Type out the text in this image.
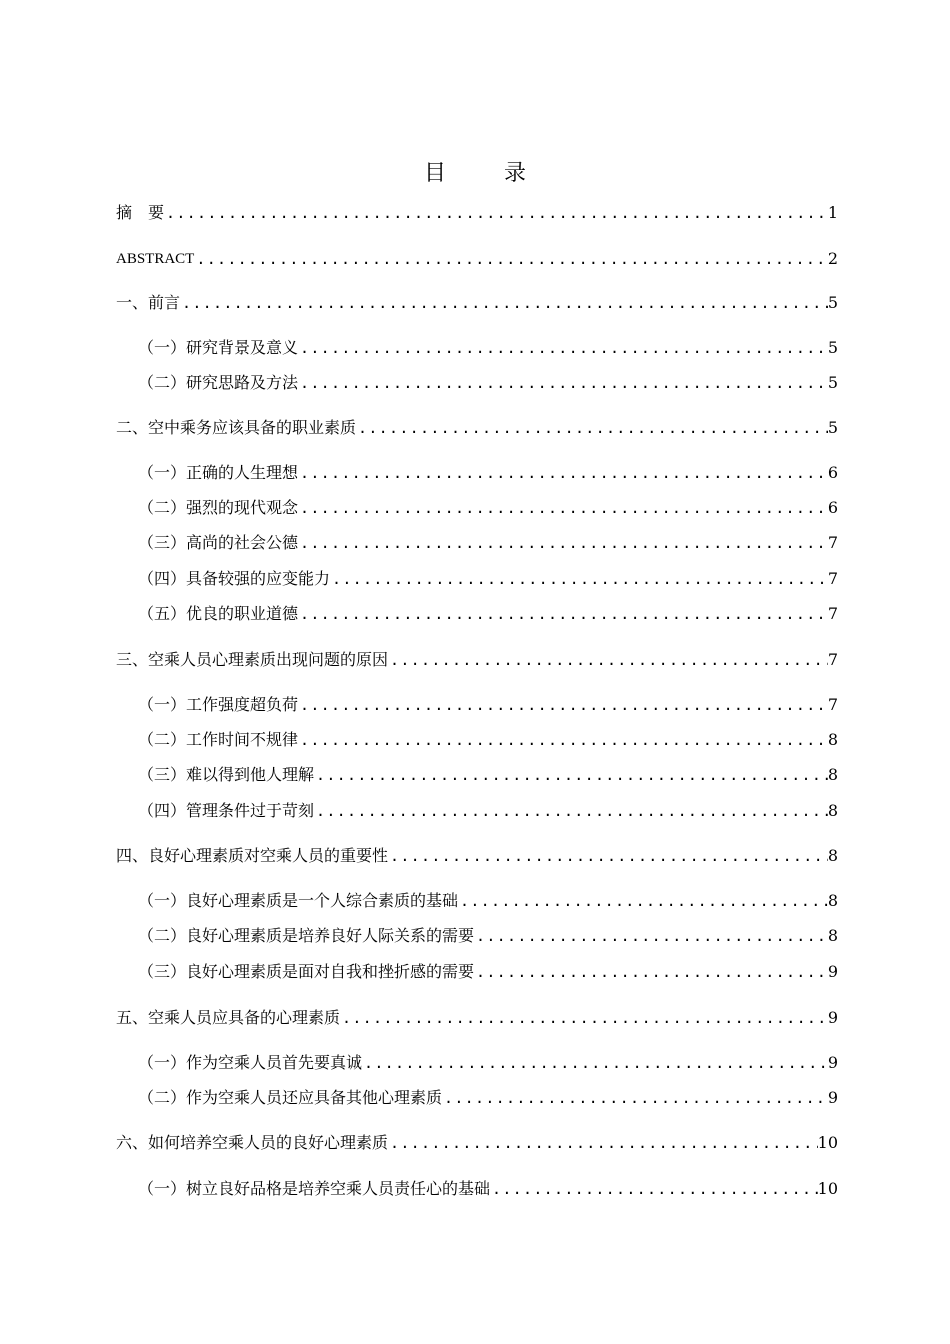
目　录
摘　要 .....	1
ABSTRACT .....	2
一、前言 .....	5
（一）研究背景及意义 .....	5
（二）研究思路及方法 .....	5
二、空中乘务应该具备的职业素质 .....	5
（一）正确的人生理想 .....	6
（二）强烈的现代观念 .....	6
（三）高尚的社会公德 .....	7
（四）具备较强的应变能力 .....	7
（五）优良的职业道德 .....	7
三、空乘人员心理素质出现问题的原因 .....	7
（一）工作强度超负荷 .....	7
（二）工作时间不规律 .....	8
（三）难以得到他人理解 .....	8
（四）管理条件过于苛刻 .....	8
四、良好心理素质对空乘人员的重要性 .....	8
（一）良好心理素质是一个人综合素质的基础 .....	8
（二）良好心理素质是培养良好人际关系的需要 .....	8
（三）良好心理素质是面对自我和挫折感的需要 .....	9
五、空乘人员应具备的心理素质 .....	9
（一）作为空乘人员首先要真诚 .....	9
（二）作为空乘人员还应具备其他心理素质 .....	9
六、如何培养空乘人员的良好心理素质 .....	10
（一）树立良好品格是培养空乘人员责任心的基础 .....	10
